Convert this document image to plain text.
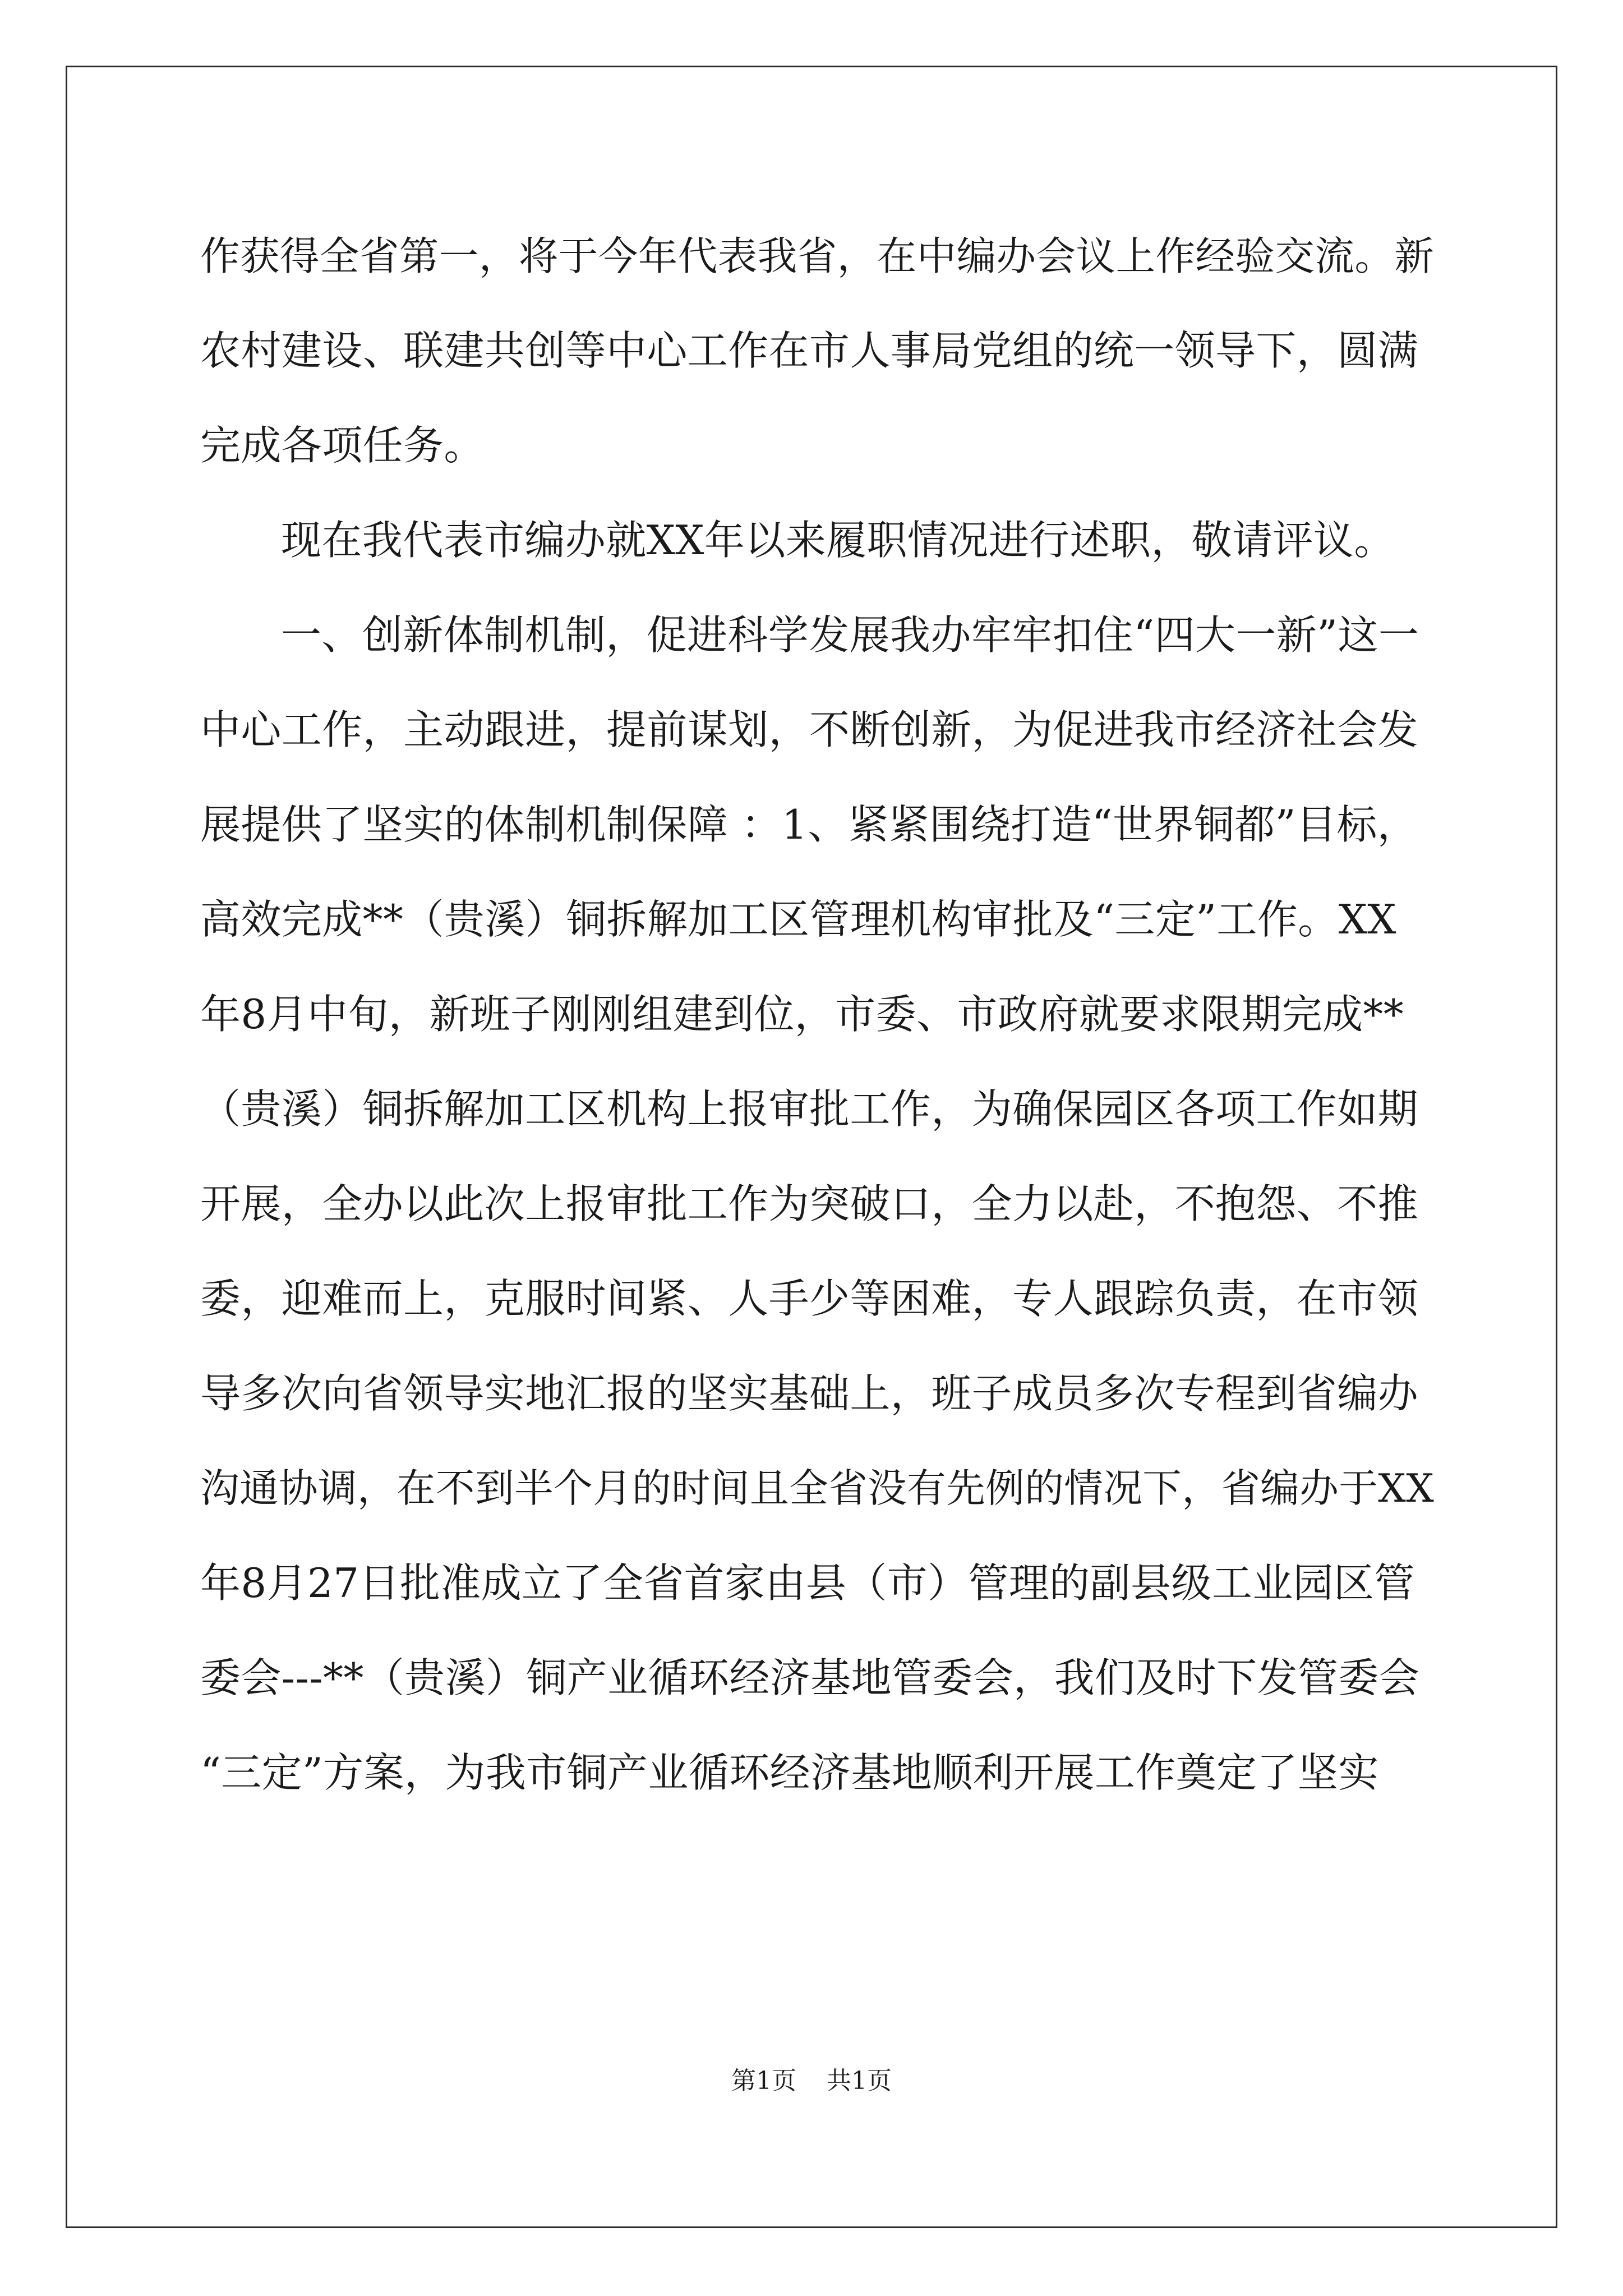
作获得全省第一，将于今年代表我省，在中编办会议上作经验交流。新
农村建设、联建共创等中心工作在市人事局党组的统一领导下，圆满
完成各项任务。
现在我代表市编办就XX年以来履职情况进行述职，敬请评议。
一、创新体制机制，促进科学发展我办牢牢扣住“四大一新”这一
中心工作，主动跟进，提前谋划，不断创新，为促进我市经济社会发
展提供了坚实的体制机制保障 ：1、紧紧围绕打造“世界铜都”目标，
高效完成**（贵溪）铜拆解加工区管理机构审批及“三定”工作。XX
年8月中旬，新班子刚刚组建到位，市委、市政府就要求限期完成**
（贵溪）铜拆解加工区机构上报审批工作，为确保园区各项工作如期
开展，全办以此次上报审批工作为突破口，全力以赴，不抱怨、不推
委，迎难而上，克服时间紧、人手少等困难，专人跟踪负责，在市领
导多次向省领导实地汇报的坚实基础上，班子成员多次专程到省编办
沟通协调，在不到半个月的时间且全省没有先例的情况下，省编办于XX
年8月27日批准成立了全省首家由县（市）管理的副县级工业园区管
委会---**（贵溪）铜产业循环经济基地管委会，我们及时下发管委会
“三定”方案，为我市铜产业循环经济基地顺利开展工作奠定了坚实
第1页 共1页
